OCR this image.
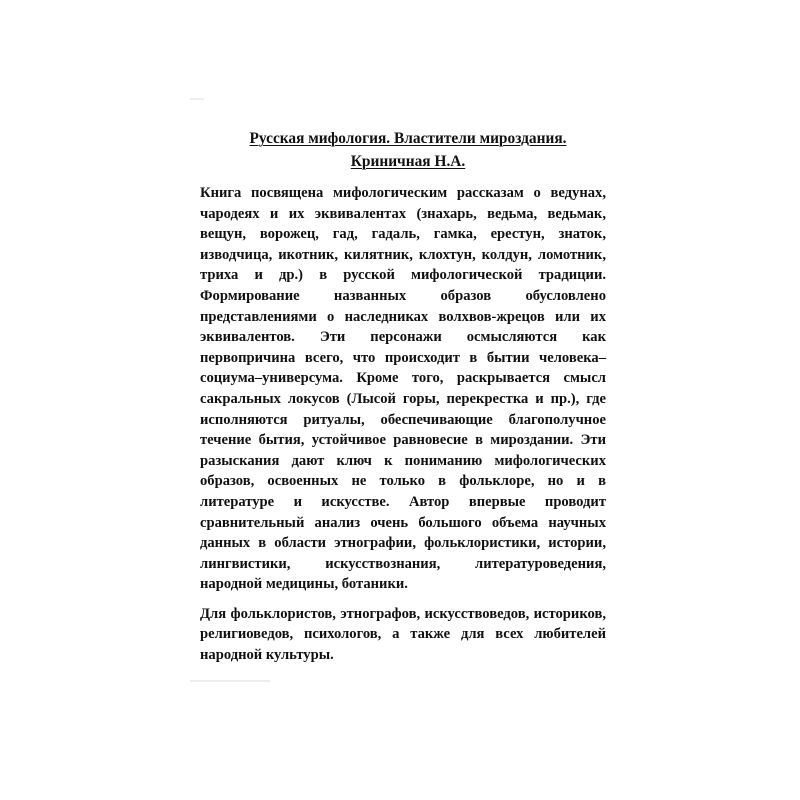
Русская мифология. Властители мироздания.
Криничная Н.А.

Книга посвящена мифологическим рассказам о ведунах, чародеях и их эквивалентах (знахарь, ведьма, ведьмак, вещун, ворожец, гад, гадаль, гамка, ерестун, знаток, изводчица, икотник, килятник, клохтун, колдун, ломотник, триха и др.) в русской мифологической традиции. Формирование названных образов обусловлено представлениями о наследниках волхвов-жрецов или их эквивалентов. Эти персонажи осмысляются как первопричина всего, что происходит в бытии человека–социума–универсума. Кроме того, раскрывается смысл сакральных локусов (Лысой горы, перекрестка и пр.), где исполняются ритуалы, обеспечивающие благополучное течение бытия, устойчивое равновесие в мироздании. Эти разыскания дают ключ к пониманию мифологических образов, освоенных не только в фольклоре, но и в литературе и искусстве. Автор впервые проводит сравнительный анализ очень большого объема научных данных в области этнографии, фольклористики, истории, лингвистики, искусствознания, литературоведения, народной медицины, ботаники.

Для фольклористов, этнографов, искусствоведов, историков, религиоведов, психологов, а также для всех любителей народной культуры.
